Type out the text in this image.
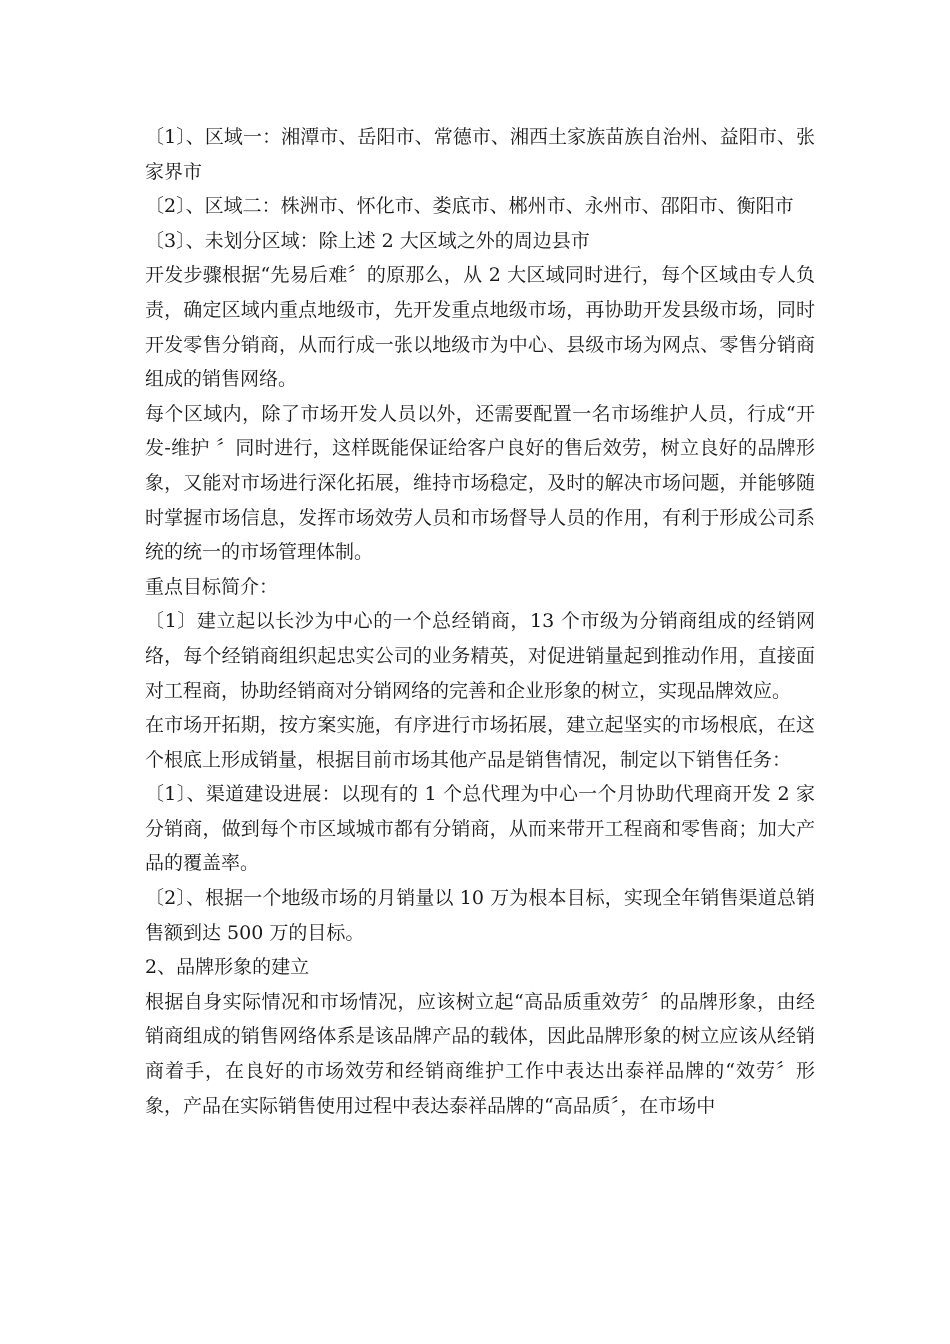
〔1〕、区域一：湘潭市、岳阳市、常德市、湘西土家族苗族自治州、益阳市、张家界市

〔2〕、区域二：株洲市、怀化市、娄底市、郴州市、永州市、邵阳市、衡阳市

〔3〕、未划分区域：除上述 2 大区域之外的周边县市

开发步骤根据“先易后难〞的原那么，从 2 大区域同时进行，每个区域由专人负责，确定区域内重点地级市，先开发重点地级市场，再协助开发县级市场，同时开发零售分销商，从而行成一张以地级市为中心、县级市场为网点、零售分销商组成的销售网络。

每个区域内，除了市场开发人员以外，还需要配置一名市场维护人员，行成“开发-维护 〞同时进行，这样既能保证给客户良好的售后效劳，树立良好的品牌形象，又能对市场进行深化拓展，维持市场稳定，及时的解决市场问题，并能够随时掌握市场信息，发挥市场效劳人员和市场督导人员的作用，有利于形成公司系统的统一的市场管理体制。

重点目标简介：

〔1〕建立起以长沙为中心的一个总经销商，13 个市级为分销商组成的经销网络，每个经销商组织起忠实公司的业务精英，对促进销量起到推动作用，直接面对工程商，协助经销商对分销网络的完善和企业形象的树立，实现品牌效应。

在市场开拓期，按方案实施，有序进行市场拓展，建立起坚实的市场根底，在这个根底上形成销量，根据目前市场其他产品是销售情况，制定以下销售任务：

〔1〕、渠道建设进展：以现有的 1 个总代理为中心一个月协助代理商开发 2 家分销商，做到每个市区域城市都有分销商，从而来带开工程商和零售商；加大产品的覆盖率。

〔2〕、根据一个地级市场的月销量以 10 万为根本目标，实现全年销售渠道总销售额到达 500 万的目标。

2、品牌形象的建立

根据自身实际情况和市场情况，应该树立起“高品质重效劳〞的品牌形象，由经销商组成的销售网络体系是该品牌产品的载体，因此品牌形象的树立应该从经销商着手，在良好的市场效劳和经销商维护工作中表达出泰祥品牌的“效劳〞形象，产品在实际销售使用过程中表达泰祥品牌的“高品质〞，在市场中
